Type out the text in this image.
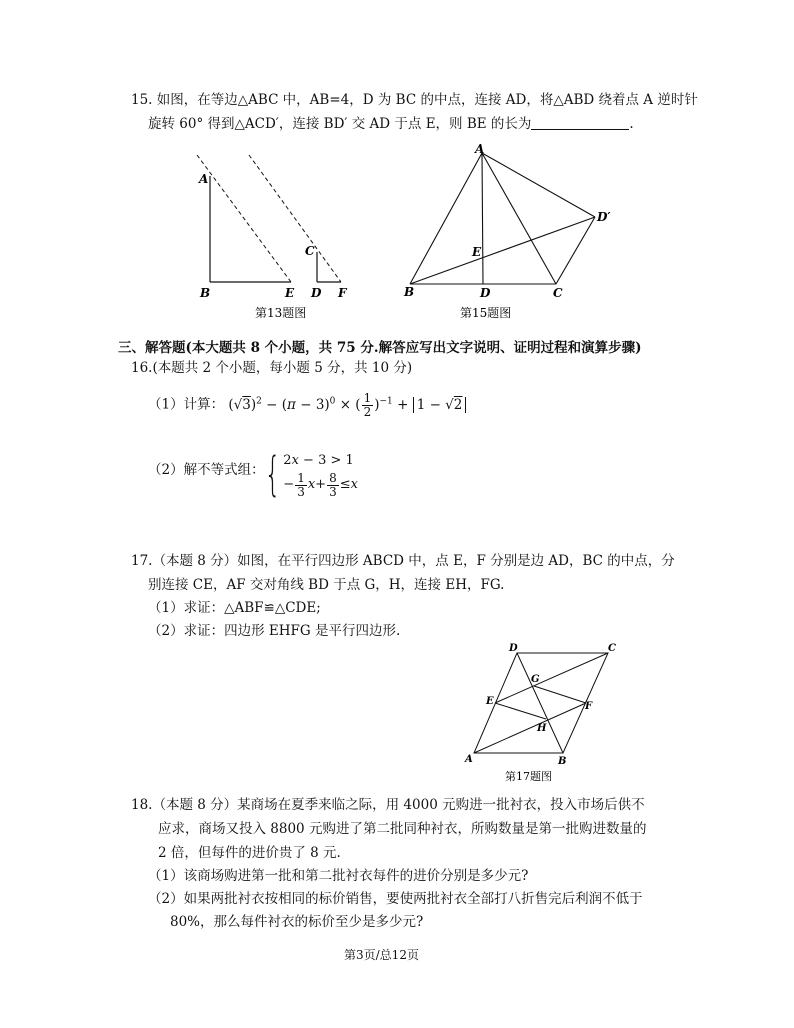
15. 如图，在等边△ABC 中，AB=4，D 为 BC 的中点，连接 AD，将△ABD 绕着点 A 逆时针
旋转 60° 得到△ACD′，连接 BD′ 交 AD 于点 E，则 BE 的长为	.
A
B	E
C
D F
第13题图
A
B	D	C
E
D′
第15题图
D	C
G
E	F
H
A	B
第17题图
三、解答题(本大题共 8 个小题，共 75 分.解答应写出文字说明、证明过程和演算步骤)
16.(本题共 2 个小题，每小题 5 分，共 10 分)
（1）计算： $(√3)^2 - (\pi - 3)^0$ × ( $\frac{1}{2} )^{-1} + 1 - √2$
（2）解不等式组： { 2x − 3 > 1
− $\frac{1}{3}$ $x + \frac{8}{3} \le x$
17.（本题 8 分）如图，在平行四边形 ABCD 中，点 E，F 分别是边 AD，BC 的中点，分
别连接 CE，AF 交对角线 BD 于点 G，H，连接 EH，FG.
（1）求证：△ABF≌△CDE;
（2）求证：四边形 EHFG 是平行四边形.
18.（本题 8 分）某商场在夏季来临之际，用 4000 元购进一批衬衣，投入市场后供不
应求，商场又投入 8800 元购进了第二批同种衬衣，所购数量是第一批购进数量的
2 倍，但每件的进价贵了 8 元.
（1）该商场购进第一批和第二批衬衣每件的进价分别是多少元?
（2）如果两批衬衣按相同的标价销售，要使两批衬衣全部打八折售完后利润不低于
80%，那么每件衬衣的标价至少是多少元?
第3页/总12页
